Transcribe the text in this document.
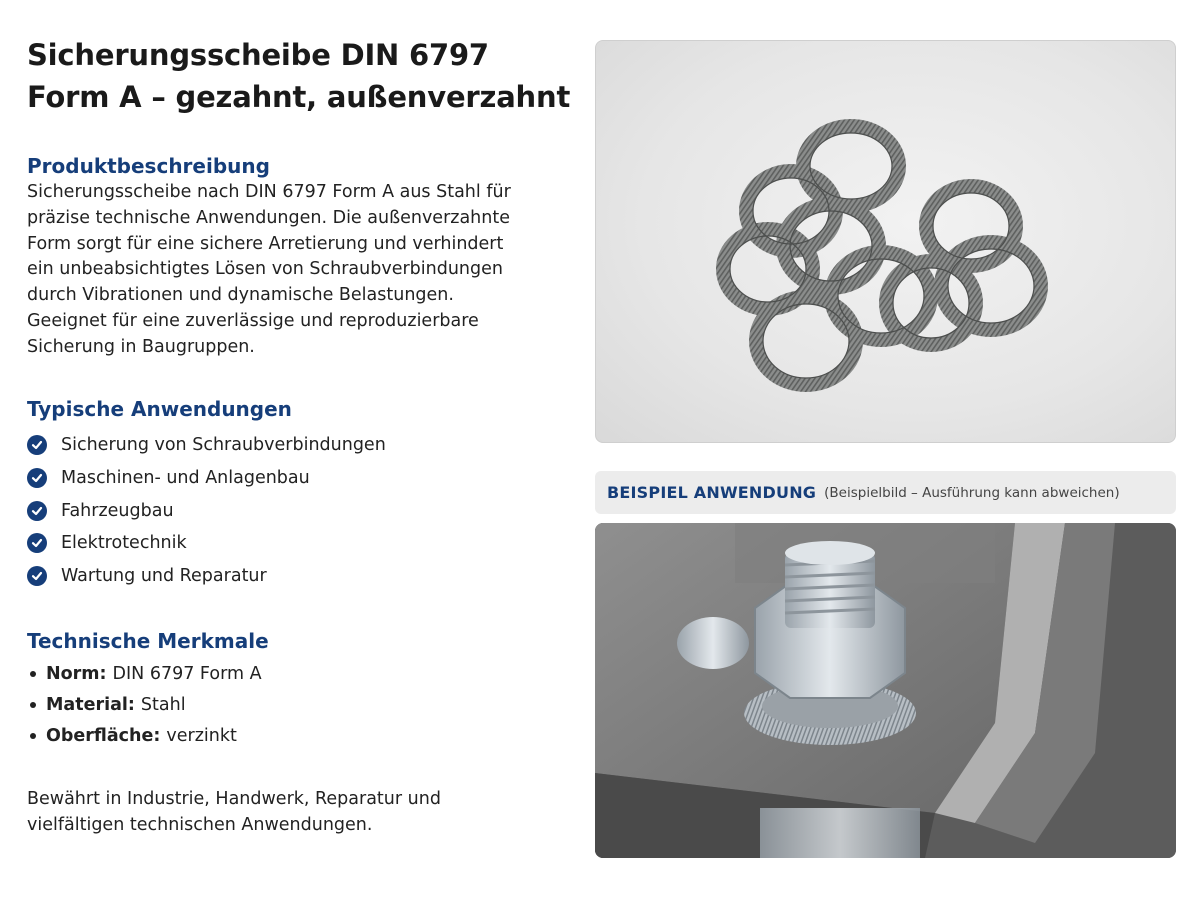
Sicherungsscheibe DIN 6797
Form A – gezahnt, außenverzahnt
Produktbeschreibung
Sicherungsscheibe nach DIN 6797 Form A aus Stahl für
präzise technische Anwendungen. Die außenverzahnte
Form sorgt für eine sichere Arretierung und verhindert
ein unbeabsichtigtes Lösen von Schraubverbindungen
durch Vibrationen und dynamische Belastungen.
Geeignet für eine zuverlässige und reproduzierbare
Sicherung in Baugruppen.
Typische Anwendungen
Sicherung von Schraubverbindungen
Maschinen- und Anlagenbau
Fahrzeugbau
Elektrotechnik
Wartung und Reparatur
Technische Merkmale
Norm: DIN 6797 Form A
Material: Stahl
Oberfläche: verzinkt
Bewährt in Industrie, Handwerk, Reparatur und
vielfältigen technischen Anwendungen.
BEISPIEL ANWENDUNG (Beispielbild – Ausführung kann abweichen)
